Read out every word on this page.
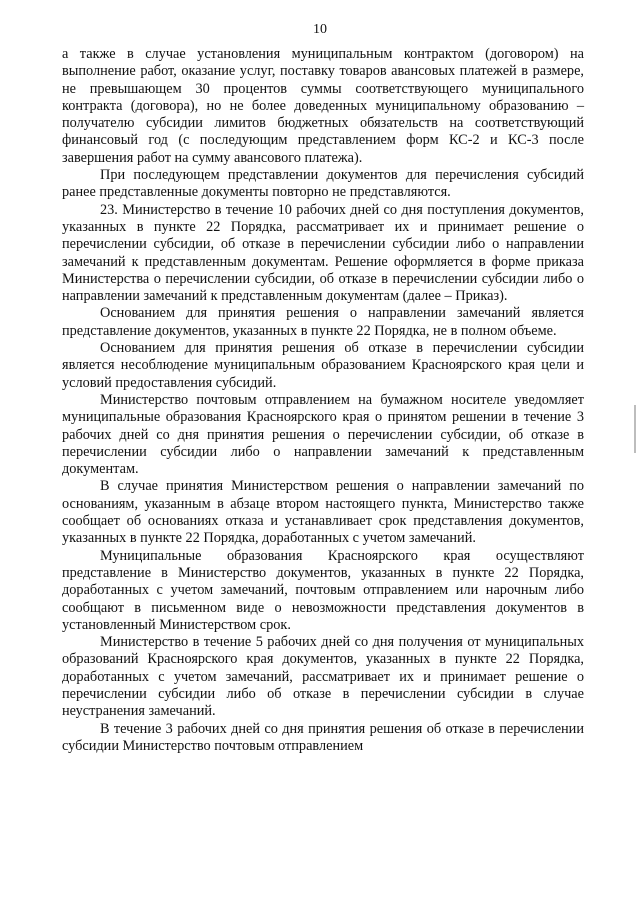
10

а также в случае установления муниципальным контрактом (договором) на выполнение работ, оказание услуг, поставку товаров авансовых платежей в размере, не превышающем 30 процентов суммы соответствующего муниципального контракта (договора), но не более доведенных муниципальному образованию – получателю субсидии лимитов бюджетных обязательств на соответствующий финансовый год (с последующим представлением форм КС-2 и КС-3 после завершения работ на сумму авансового платежа).

При последующем представлении документов для перечисления субсидий ранее представленные документы повторно не представляются.

23. Министерство в течение 10 рабочих дней со дня поступления документов, указанных в пункте 22 Порядка, рассматривает их и принимает решение о перечислении субсидии, об отказе в перечислении субсидии либо о направлении замечаний к представленным документам. Решение оформляется в форме приказа Министерства о перечислении субсидии, об отказе в перечислении субсидии либо о направлении замечаний к представленным документам (далее – Приказ).

Основанием для принятия решения о направлении замечаний является представление документов, указанных в пункте 22 Порядка, не в полном объеме.

Основанием для принятия решения об отказе в перечислении субсидии является несоблюдение муниципальным образованием Красноярского края цели и условий предоставления субсидий.

Министерство почтовым отправлением на бумажном носителе уведомляет муниципальные образования Красноярского края о принятом решении в течение 3 рабочих дней со дня принятия решения о перечислении субсидии, об отказе в перечислении субсидии либо о направлении замечаний к представленным документам.

В случае принятия Министерством решения о направлении замечаний по основаниям, указанным в абзаце втором настоящего пункта, Министерство также сообщает об основаниях отказа и устанавливает срок представления документов, указанных в пункте 22 Порядка, доработанных с учетом замечаний.

Муниципальные образования Красноярского края осуществляют представление в Министерство документов, указанных в пункте 22 Порядка, доработанных с учетом замечаний, почтовым отправлением или нарочным либо сообщают в письменном виде о невозможности представления документов в установленный Министерством срок.

Министерство в течение 5 рабочих дней со дня получения от муниципальных образований Красноярского края документов, указанных в пункте 22 Порядка, доработанных с учетом замечаний, рассматривает их и принимает решение о перечислении субсидии либо об отказе в перечислении субсидии в случае неустранения замечаний.

В течение 3 рабочих дней со дня принятия решения об отказе в перечислении субсидии Министерство почтовым отправлением
